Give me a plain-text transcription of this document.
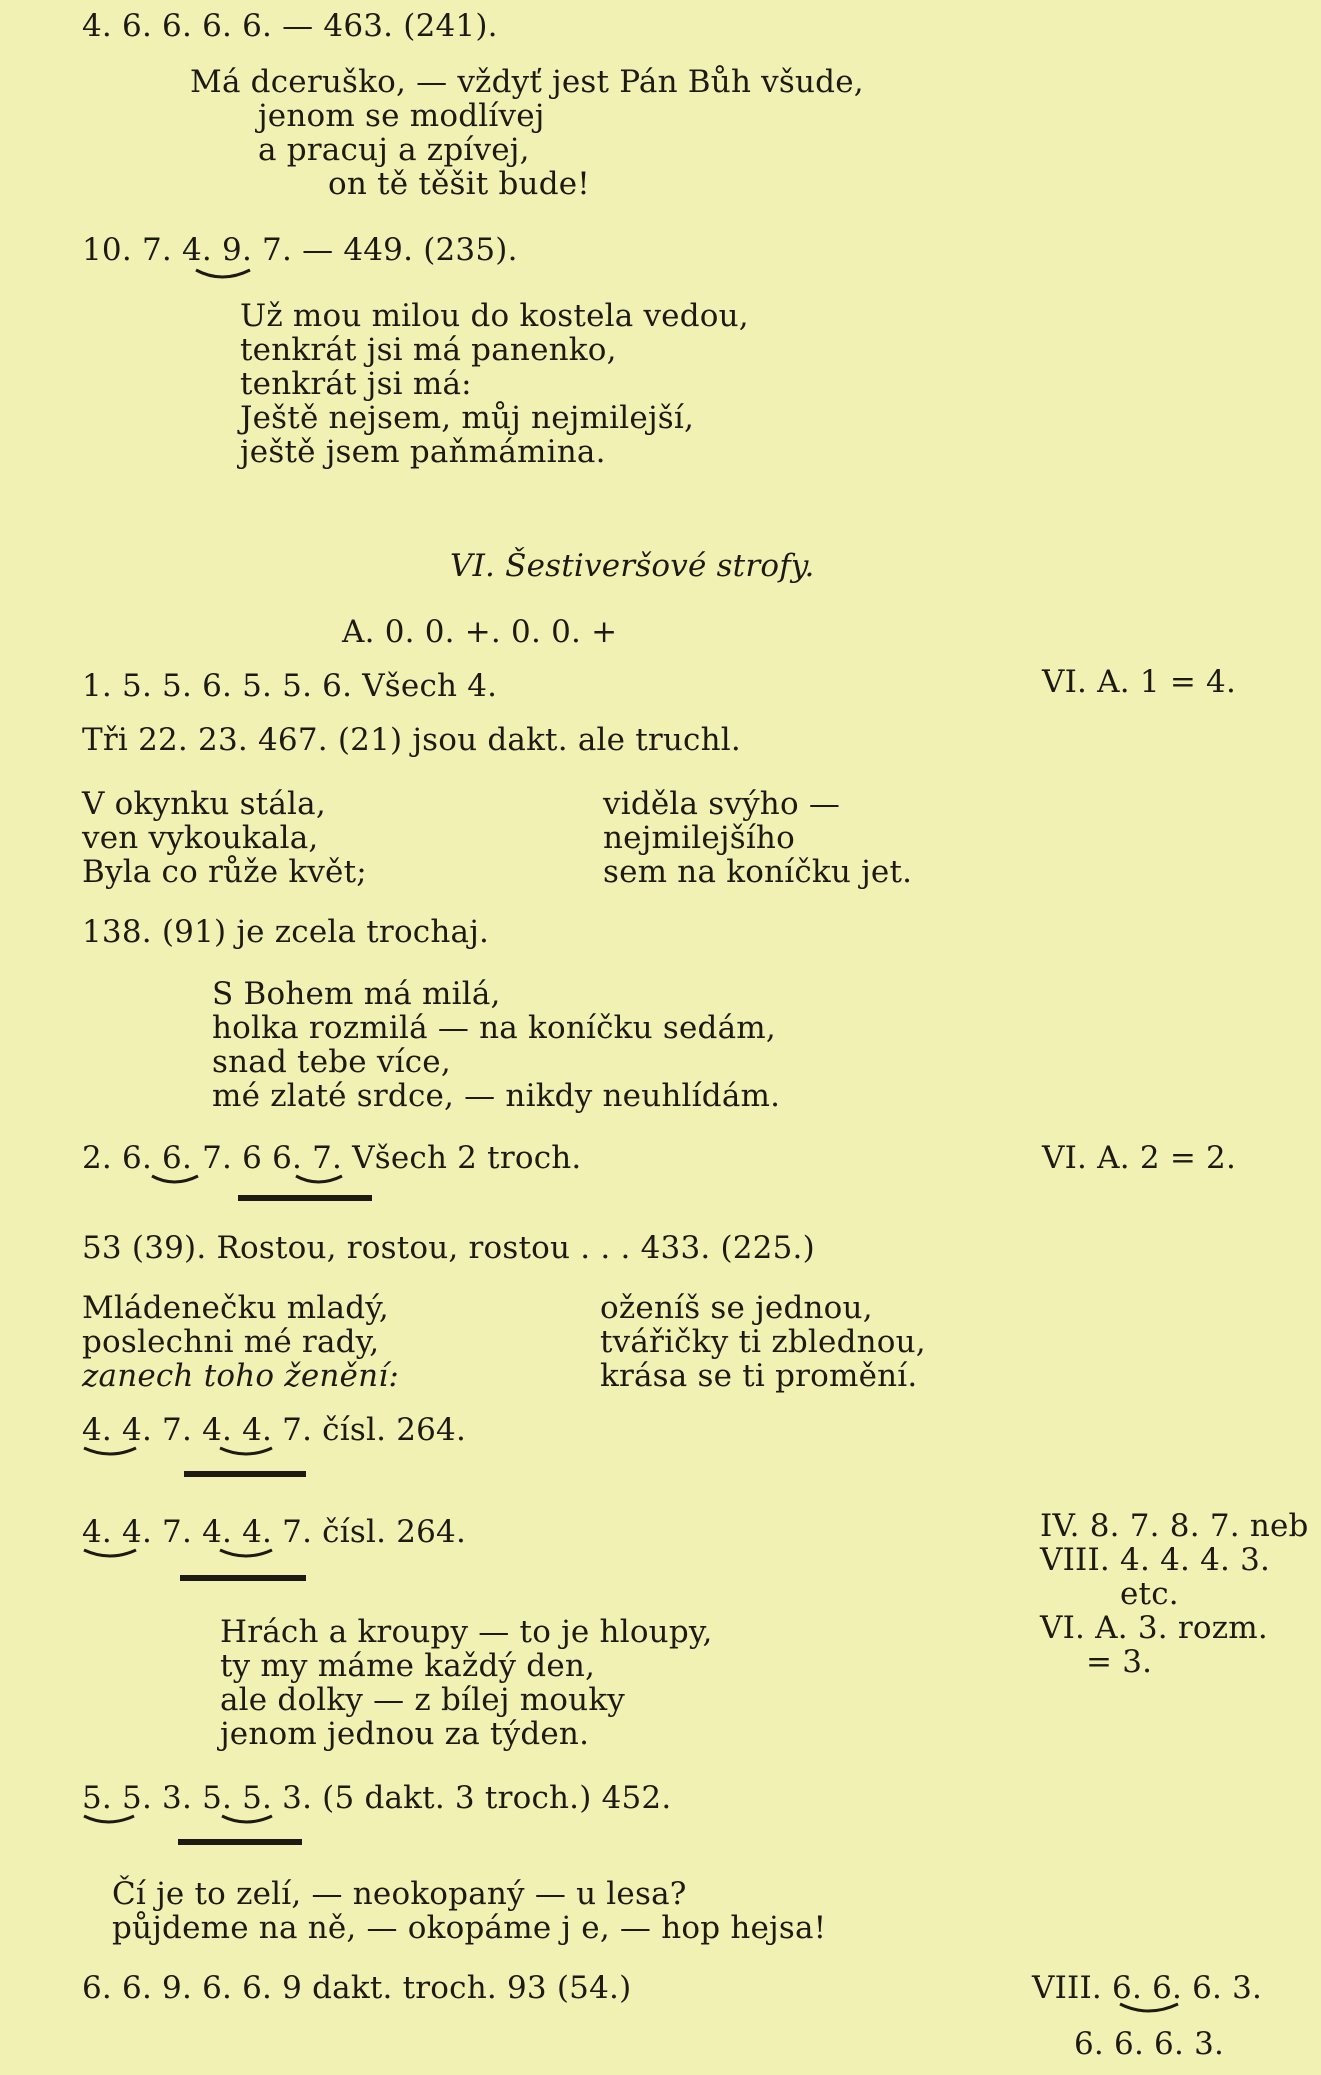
4. 6. 6. 6. 6. — 463. (241).
Má dceruško, — vždyť jest Pán Bůh všude,
jenom se modlívej
a pracuj a zpívej,
on tě těšit bude!
10. 7. 4. 9. 7. — 449. (235).
Už mou milou do kostela vedou,
tenkrát jsi má panenko,
tenkrát jsi má:
Ještě nejsem, můj nejmilejší,
ještě jsem paňmámina.
VI. Šestiveršové strofy.
A. 0. 0. +. 0. 0. +
1. 5. 5. 6. 5. 5. 6. Všech 4.	VI. A. 1 = 4.
Tři 22. 23. 467. (21) jsou dakt. ale truchl.
V okynku stála,
ven vykoukala,
Byla co růže květ;
viděla svýho —
nejmilejšího
sem na koníčku jet.
138. (91) je zcela trochaj.
S Bohem má milá,
holka rozmilá — na koníčku sedám,
snad tebe více,
mé zlaté srdce, — nikdy neuhlídám.
2. 6. 6. 7. 6 6. 7. Všech 2 troch.	VI. A. 2 = 2.
53 (39). Rostou, rostou, rostou . . . 433. (225.)
Mládenečku mladý,
poslechni mé rady,
zanech toho ženění:
oženíš se jednou,
tvářičky ti zblednou,
krása se ti promění.
4. 4. 7. 4. 4. 7. čísl. 264.
4. 4. 7. 4. 4. 7. čísl. 264.	IV. 8. 7. 8. 7. neb
VIII. 4. 4. 4. 3.
etc.
VI. A. 3. rozm.
= 3.
Hrách a kroupy — to je hloupy,
ty my máme každý den,
ale dolky — z bílej mouky
jenom jednou za týden.
5. 5. 3. 5. 5. 3. (5 dakt. 3 troch.) 452.
Čí je to zelí, — neokopaný — u lesa?
půjdeme na ně, — okopáme j e, — hop hejsa!
6. 6. 9. 6. 6. 9 dakt. troch. 93 (54.)	VIII. 6. 6. 6. 3.
6. 6. 6. 3.
